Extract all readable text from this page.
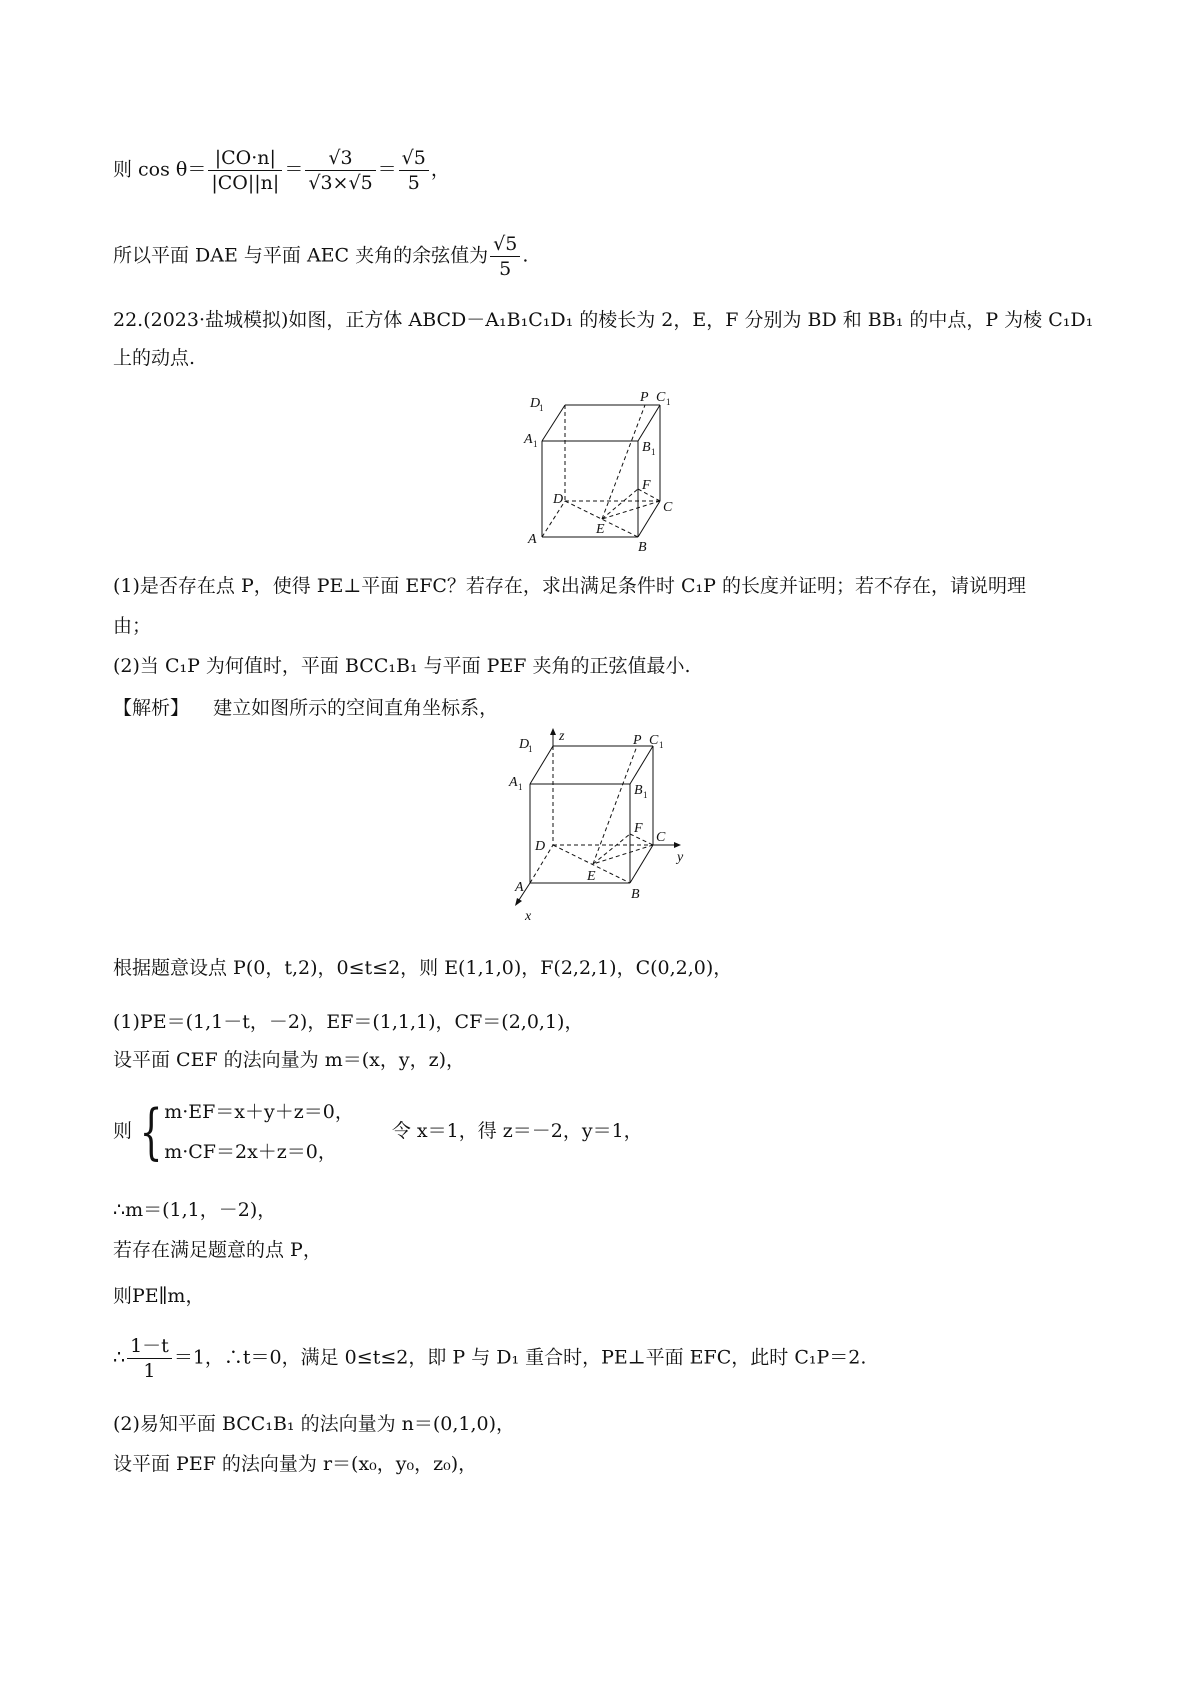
则 $\cos \theta= \frac{|CO\cdot n|}{|CO||n|} = \frac{√3}{√3\times√5} = \frac{√5}{5}$ ，
所以平面 DAE 与平面 AEC 夹角的余弦值为 $\frac{√5}{5}$ .
22.(2023·盐城模拟)如图，正方体 ABCD－A₁B₁C₁D₁ 的棱长为 2，E，F 分别为 BD 和 BB₁ 的中点，P 为棱 C₁D₁
上的动点.
D
1
P C 1
A 1	B 1
F
D
C
A
E
B
(1)是否存在点 P，使得 PE⊥平面 EFC？若存在，求出满足条件时 C₁P 的长度并证明；若不存在，请说明理
由；
(2)当 C₁P 为何值时，平面 BCC₁B₁ 与平面 PEF 夹角的正弦值最小.
【解析】 建立如图所示的空间直角坐标系，
z
y
x
D
1
P C 1
A 1	B 1
F
D
C
A
E
B
根据题意设点 P(0，t,2)，0≤t≤2，则 E(1,1,0)，F(2,2,1)，C(0,2,0)，
(1)PE＝(1,1－t，－2)，EF＝(1,1,1)，CF＝(2,0,1)，
设平面 CEF 的法向量为 m＝(x，y，z)，
则 { m·EF＝x＋y＋z＝0，
m·CF＝2x＋z＝0，
令 x＝1，得 z＝－2，y＝1，
∴m＝(1,1，－2)，
若存在满足题意的点 P，
则PE∥m，
∴ $\frac{1-t}{1} =1$，∴t＝0，满足 0≤t≤2，即 P 与 D₁ 重合时，PE⊥平面 EFC，此时 C₁P＝2.
(2)易知平面 BCC₁B₁ 的法向量为 n＝(0,1,0)，
设平面 PEF 的法向量为 r＝(x₀，y₀，z₀)，
